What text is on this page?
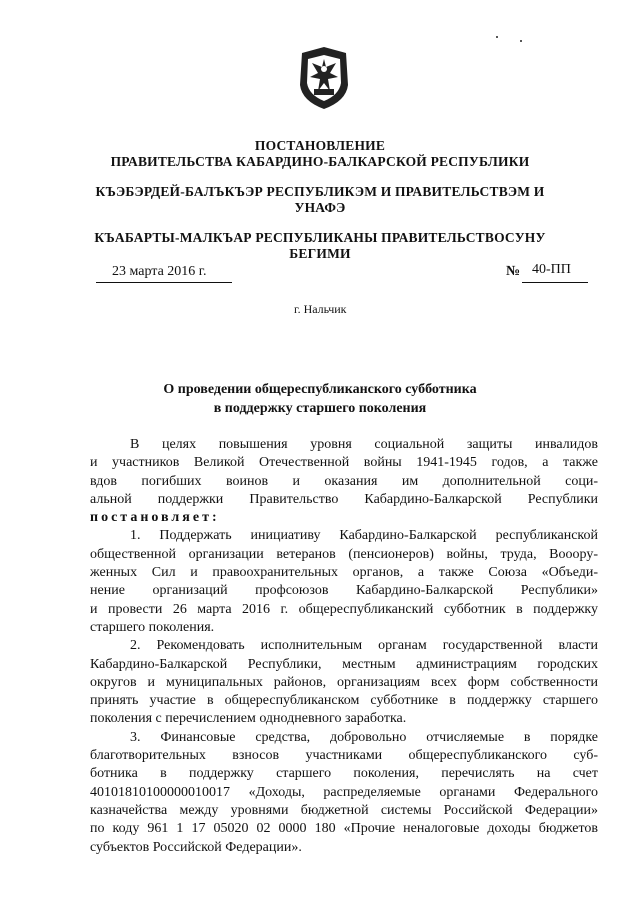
ПОСТАНОВЛЕНИЕ
ПРАВИТЕЛЬСТВА КАБАРДИНО-БАЛКАРСКОЙ РЕСПУБЛИКИ
КЪЭБЭРДЕЙ-БАЛЪКЪЭР РЕСПУБЛИКЭМ И ПРАВИТЕЛЬСТВЭМ И
УНАФЭ
КЪАБАРТЫ-МАЛКЪАР РЕСПУБЛИКАНЫ ПРАВИТЕЛЬСТВОСУНУ
БЕГИМИ
23 марта 2016 г.	№ 40-ПП
г. Нальчик
О проведении общереспубликанского субботника
в поддержку старшего поколения

В целях повышения уровня социальной защиты инвалидов

и участников Великой Отечественной войны 1941-1945 годов, а также

вдов погибших воинов и оказания им дополнительной соци-

альной поддержки Правительство Кабардино-Балкарской Республики

постановляет:

1. Поддержать инициативу Кабардино-Балкарской республиканской

общественной организации ветеранов (пенсионеров) войны, труда, Вооору-

женных Сил и правоохранительных органов, а также Союза «Объеди-

нение организаций профсоюзов Кабардино-Балкарской Республики»

и провести 26 марта 2016 г. общереспубликанский субботник в поддержку

старшего поколения.

2. Рекомендовать исполнительным органам государственной власти

Кабардино-Балкарской Республики, местным администрациям городских

округов и муниципальных районов, организациям всех форм собственности

принять участие в общереспубликанском субботнике в поддержку старшего

поколения с перечислением однодневного заработка.

3. Финансовые средства, добровольно отчисляемые в порядке

благотворительных взносов участниками общереспубликанского суб-

ботника в поддержку старшего поколения, перечислять на счет

40101810100000010017 «Доходы, распределяемые органами Федерального

казначейства между уровнями бюджетной системы Российской Федерации»

по коду 961 1 17 05020 02 0000 180 «Прочие неналоговые доходы бюджетов

субъектов Российской Федерации».
